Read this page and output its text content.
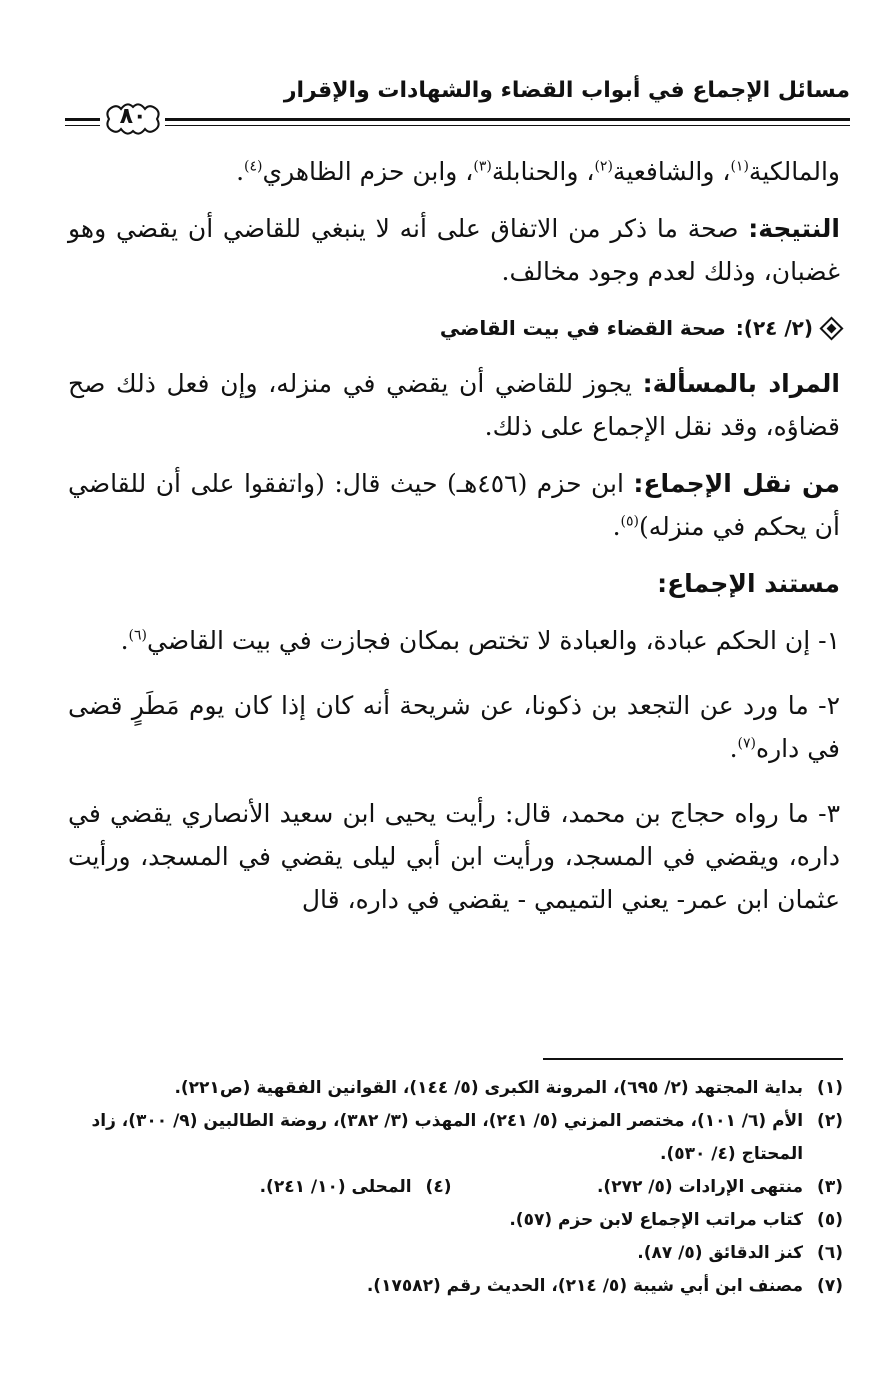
مسائل الإجماع في أبواب القضاء والشهادات والإقرار
٨٠

والمالكية$^{(١)}$، والشافعية$^{(٢)}$، والحنابلة$^{(٣)}$، وابن حزم الظاهري$^{(٤)}$.

النتيجة: صحة ما ذكر من الاتفاق على أنه لا ينبغي للقاضي أن يقضي وهو غضبان، وذلك لعدم وجود مخالف.

(٢/ ٢٤):
صحة القضاء في بيت القاضي

المراد بالمسألة: يجوز للقاضي أن يقضي في منزله، وإن فعل ذلك صح قضاؤه، وقد نقل الإجماع على ذلك.

من نقل الإجماع: ابن حزم (٤٥٦هـ) حيث قال: (واتفقوا على أن للقاضي أن يحكم في منزله)$^{(٥)}$.

مستند الإجماع:

١- إن الحكم عبادة، والعبادة لا تختص بمكان فجازت في بيت القاضي$^{(٦)}$.

٢- ما ورد عن التجعد بن ذكونا، عن شريحة أنه كان إذا كان يوم مَطَرٍ قضى في داره$^{(٧)}$.

٣- ما رواه حجاج بن محمد، قال: رأيت يحيى ابن سعيد الأنصاري يقضي في داره، ويقضي في المسجد، ورأيت ابن أبي ليلى يقضي في المسجد، ورأيت عثمان ابن عمر- يعني التميمي - يقضي في داره، قال

(١)
بداية المجتهد (٢/ ٦٩٥)، المرونة الكبرى (٥/ ١٤٤)، القوانين الفقهية (ص٢٢١).
(٢)
الأم (٦/ ١٠١)، مختصر المزني (٥/ ٢٤١)، المهذب (٣/ ٣٨٢)، روضة الطالبين (٩/ ٣٠٠)، زاد المحتاج (٤/ ٥٣٠).
(٣)
منتهى الإرادات (٥/ ٢٧٢).
(٤)
المحلى (١٠/ ٢٤١).
(٥)
كتاب مراتب الإجماع لابن حزم (٥٧).
(٦)
كنز الدقائق (٥/ ٨٧).
(٧)
مصنف ابن أبي شيبة (٥/ ٢١٤)، الحديث رقم (١٧٥٨٢).
